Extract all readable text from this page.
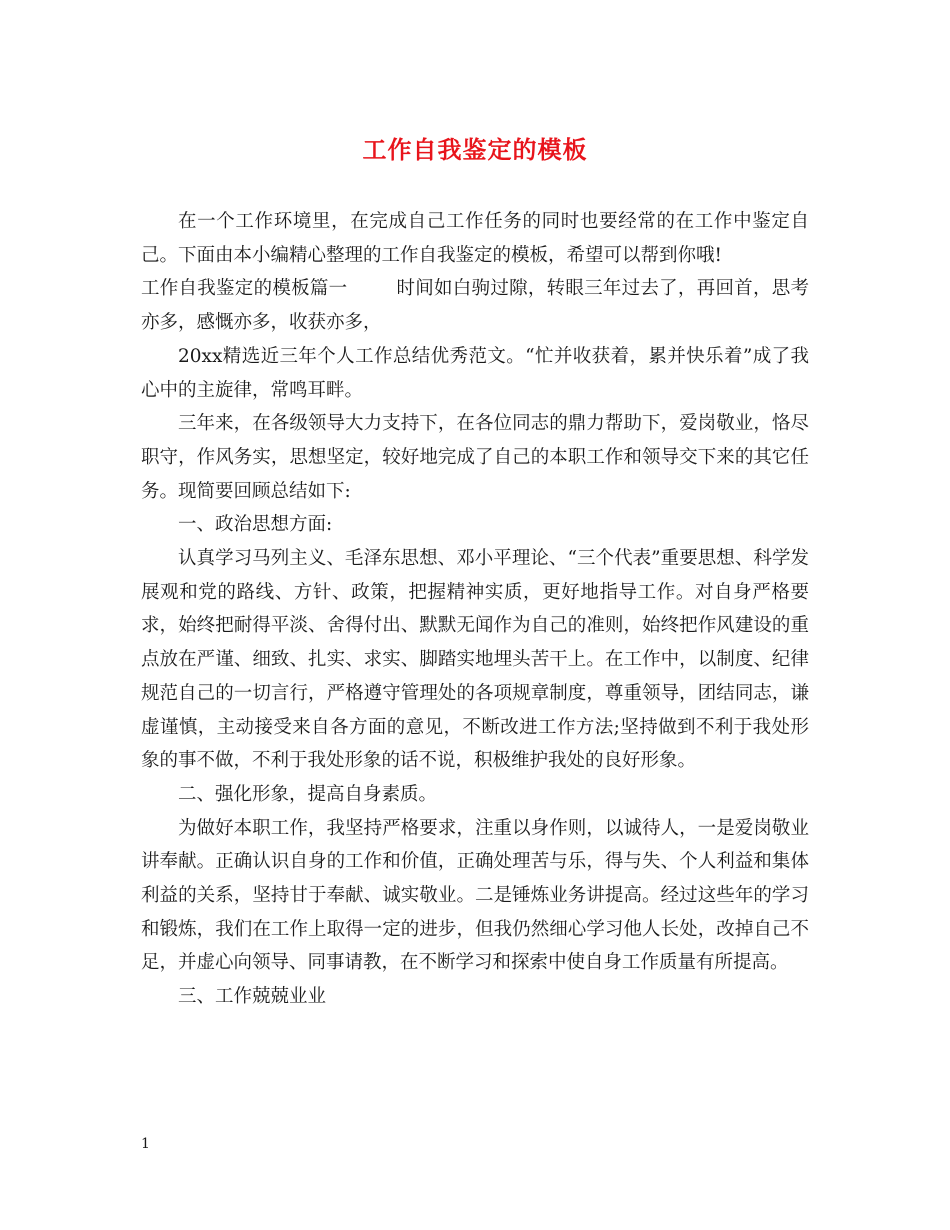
工作自我鉴定的模板

在一个工作环境里，在完成自己工作任务的同时也要经常的在工作中鉴定自己。下面由本小编精心整理的工作自我鉴定的模板，希望可以帮到你哦!

工作自我鉴定的模板篇一	时间如白驹过隙，转眼三年过去了，再回首，思考亦多，感慨亦多，收获亦多，

20xx精选近三年个人工作总结优秀范文。“忙并收获着，累并快乐着”成了我心中的主旋律，常鸣耳畔。

三年来，在各级领导大力支持下，在各位同志的鼎力帮助下，爱岗敬业，恪尽职守，作风务实，思想坚定，较好地完成了自己的本职工作和领导交下来的其它任务。现简要回顾总结如下:

一、政治思想方面:

认真学习马列主义、毛泽东思想、邓小平理论、“三个代表”重要思想、科学发展观和党的路线、方针、政策，把握精神实质，更好地指导工作。对自身严格要求，始终把耐得平淡、舍得付出、默默无闻作为自己的准则，始终把作风建设的重点放在严谨、细致、扎实、求实、脚踏实地埋头苦干上。在工作中，以制度、纪律规范自己的一切言行，严格遵守管理处的各项规章制度，尊重领导，团结同志，谦虚谨慎，主动接受来自各方面的意见，不断改进工作方法;坚持做到不利于我处形象的事不做，不利于我处形象的话不说，积极维护我处的良好形象。

二、强化形象，提高自身素质。

为做好本职工作，我坚持严格要求，注重以身作则，以诚待人，一是爱岗敬业讲奉献。正确认识自身的工作和价值，正确处理苦与乐，得与失、个人利益和集体利益的关系，坚持甘于奉献、诚实敬业。二是锤炼业务讲提高。经过这些年的学习和锻炼，我们在工作上取得一定的进步，但我仍然细心学习他人长处，改掉自己不足，并虚心向领导、同事请教，在不断学习和探索中使自身工作质量有所提高。

三、工作兢兢业业

1
